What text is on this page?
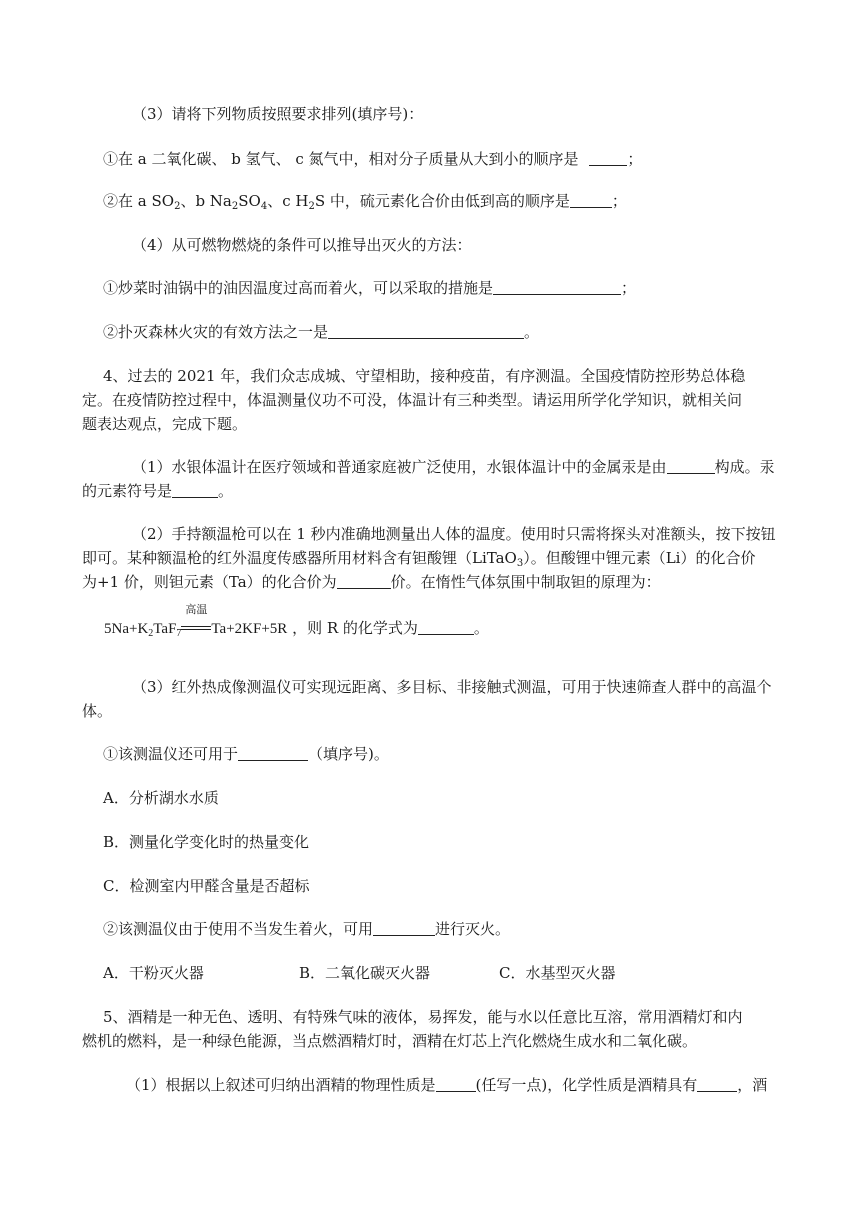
（3）请将下列物质按照要求排列(填序号)：
①在 a 二氧化碳、 b 氢气、 c 氮气中，相对分子质量从大到小的顺序是	；
②在 a $SO_2$、b $Na_2SO_4$、c $H_2S$ 中，硫元素化合价由低到高的顺序是	；
（4）从可燃物燃烧的条件可以推导出灭火的方法：
①炒菜时油锅中的油因温度过高而着火，可以采取的措施是	；
②扑灭森林火灾的有效方法之一是	。
4、过去的 2021 年，我们众志成城、守望相助，接种疫苗，有序测温。全国疫情防控形势总体稳
定。在疫情防控过程中，体温测量仪功不可没，体温计有三种类型。请运用所学化学知识，就相关问
题表达观点，完成下题。
（1）水银体温计在医疗领域和普通家庭被广泛使用，水银体温计中的金属汞是由	构成。汞
的元素符号是	。
（2）手持额温枪可以在 1 秒内准确地测量出人体的温度。使用时只需将探头对准额头，按下按钮
即可。某种额温枪的红外温度传感器所用材料含有钽酸锂（LiTaO$_3$）。但酸锂中锂元素（Li）的化合价
为+1 价，则钽元素（Ta）的化合价为	价。在惰性气体氛围中制取钽的原理为：
$5Na+K_2TaF_7$
高温
Ta+2KF+5R ，则 R 的化学式为	。
（3）红外热成像测温仪可实现远距离、多目标、非接触式测温，可用于快速筛查人群中的高温个
体。
①该测温仪还可用于	（填序号)。
A．分析湖水水质
B．测量化学变化时的热量变化
C．检测室内甲醛含量是否超标
②该测温仪由于使用不当发生着火，可用	进行灭火。
A．干粉灭火器	B．二氧化碳灭火器	C．水基型灭火器
5、酒精是一种无色、透明、有特殊气味的液体，易挥发，能与水以任意比互溶，常用酒精灯和内
燃机的燃料，是一种绿色能源，当点燃酒精灯时，酒精在灯芯上汽化燃烧生成水和二氧化碳。
（1）根据以上叙述可归纳出酒精的物理性质是	(任写一点)，化学性质是酒精具有	，酒
